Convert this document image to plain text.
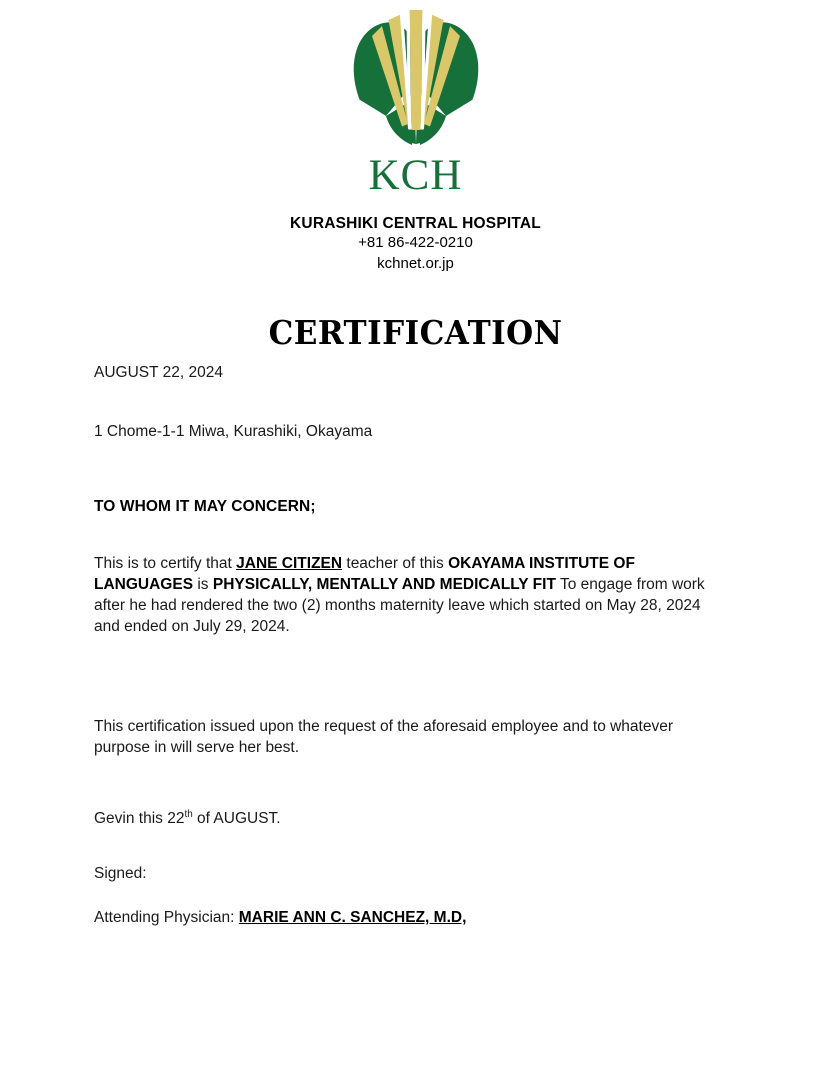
KCH
KURASHIKI CENTRAL HOSPITAL
+81 86-422-0210
kchnet.or.jp
CERTIFICATION

AUGUST 22, 2024

1 Chome-1-1 Miwa, Kurashiki, Okayama

TO WHOM IT MAY CONCERN;

This is to certify that JANE CITIZEN teacher of this OKAYAMA INSTITUTE OF LANGUAGES is PHYSICALLY, MENTALLY AND MEDICALLY FIT To engage from work after he had rendered the two (2) months maternity leave which started on May 28, 2024 and ended on July 29, 2024.

This certification issued upon the request of the aforesaid employee and to whatever purpose in will serve her best.

Gevin this 22th of AUGUST.

Signed:

Attending Physician: MARIE ANN C. SANCHEZ, M.D,
